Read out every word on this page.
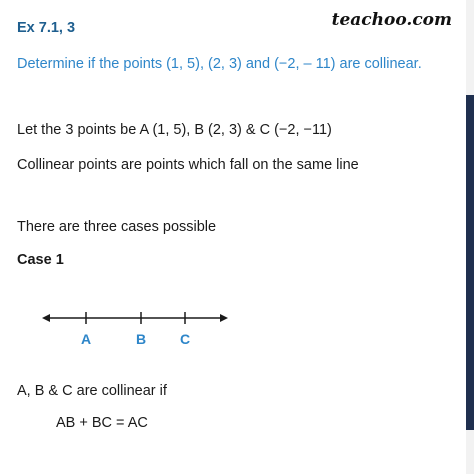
Ex 7.1, 3	teachoo.com
Determine if the points (1, 5), (2, 3) and (−2, – 11) are collinear.
Let the 3 points be A (1, 5), B (2, 3) & C (−2, −11)
Collinear points are points which fall on the same line
There are three cases possible
Case 1
A	B C
A, B & C are collinear if
AB + BC = AC
